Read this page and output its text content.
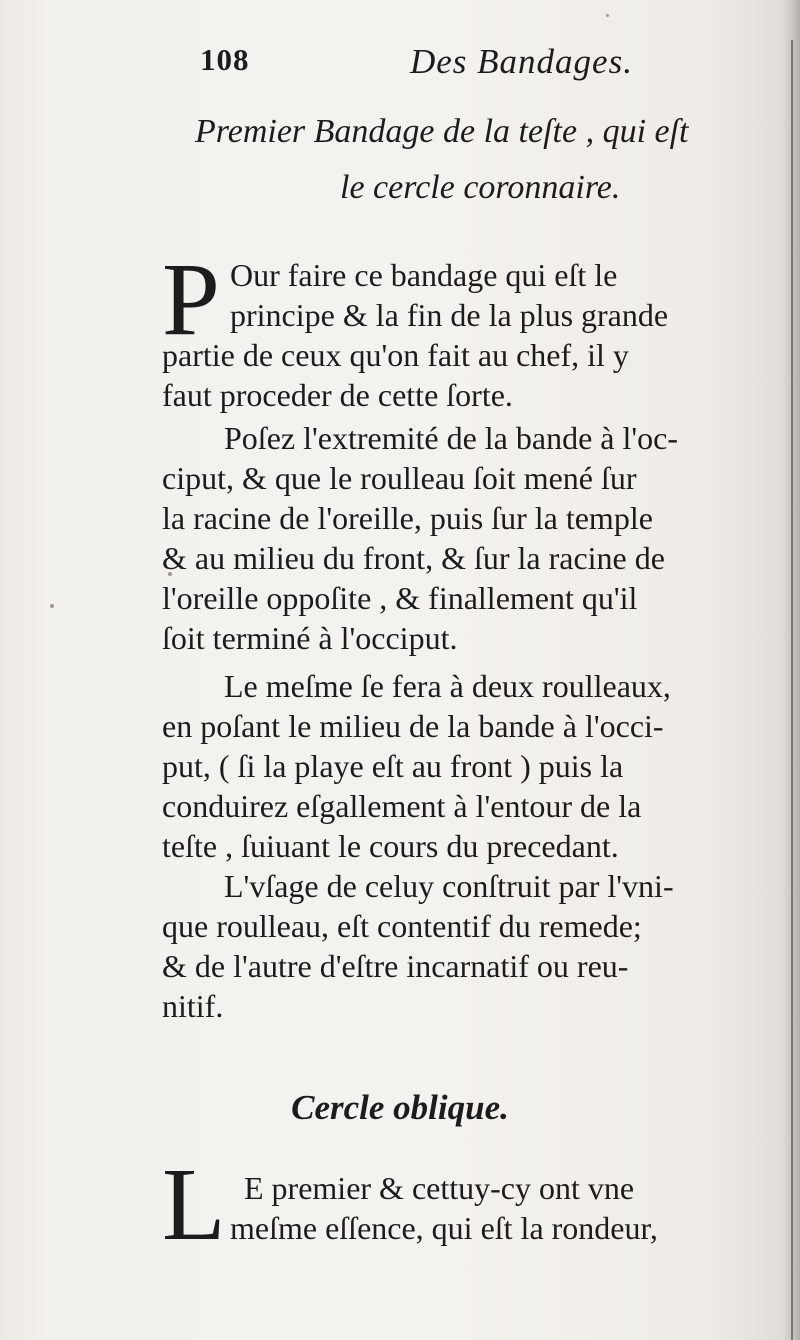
108	Des Bandages.
Premier Bandage de la teſte , qui eſt
le cercle coronnaire.
P Our faire ce bandage qui eſt le
principe & la fin de la plus grande
partie de ceux qu'on fait au chef, il y
faut proceder de cette ſorte.
Poſez l'extremité de la bande à l'oc-
ciput, & que le roulleau ſoit mené ſur
la racine de l'oreille, puis ſur la temple
& au milieu du front, & ſur la racine de
l'oreille oppoſite , & finallement qu'il
ſoit terminé à l'occiput.
Le meſme ſe fera à deux roulleaux,
en poſant le milieu de la bande à l'occi-
put, ( ſi la playe eſt au front ) puis la
conduirez eſgallement à l'entour de la
teſte , ſuiuant le cours du precedant.
L'vſage de celuy conſtruit par l'vni-
que roulleau, eſt contentif du remede;
& de l'autre d'eſtre incarnatif ou reu-
nitif.
Cercle oblique.
L E premier & cettuy-cy ont vne
meſme eſſence, qui eſt la rondeur,
